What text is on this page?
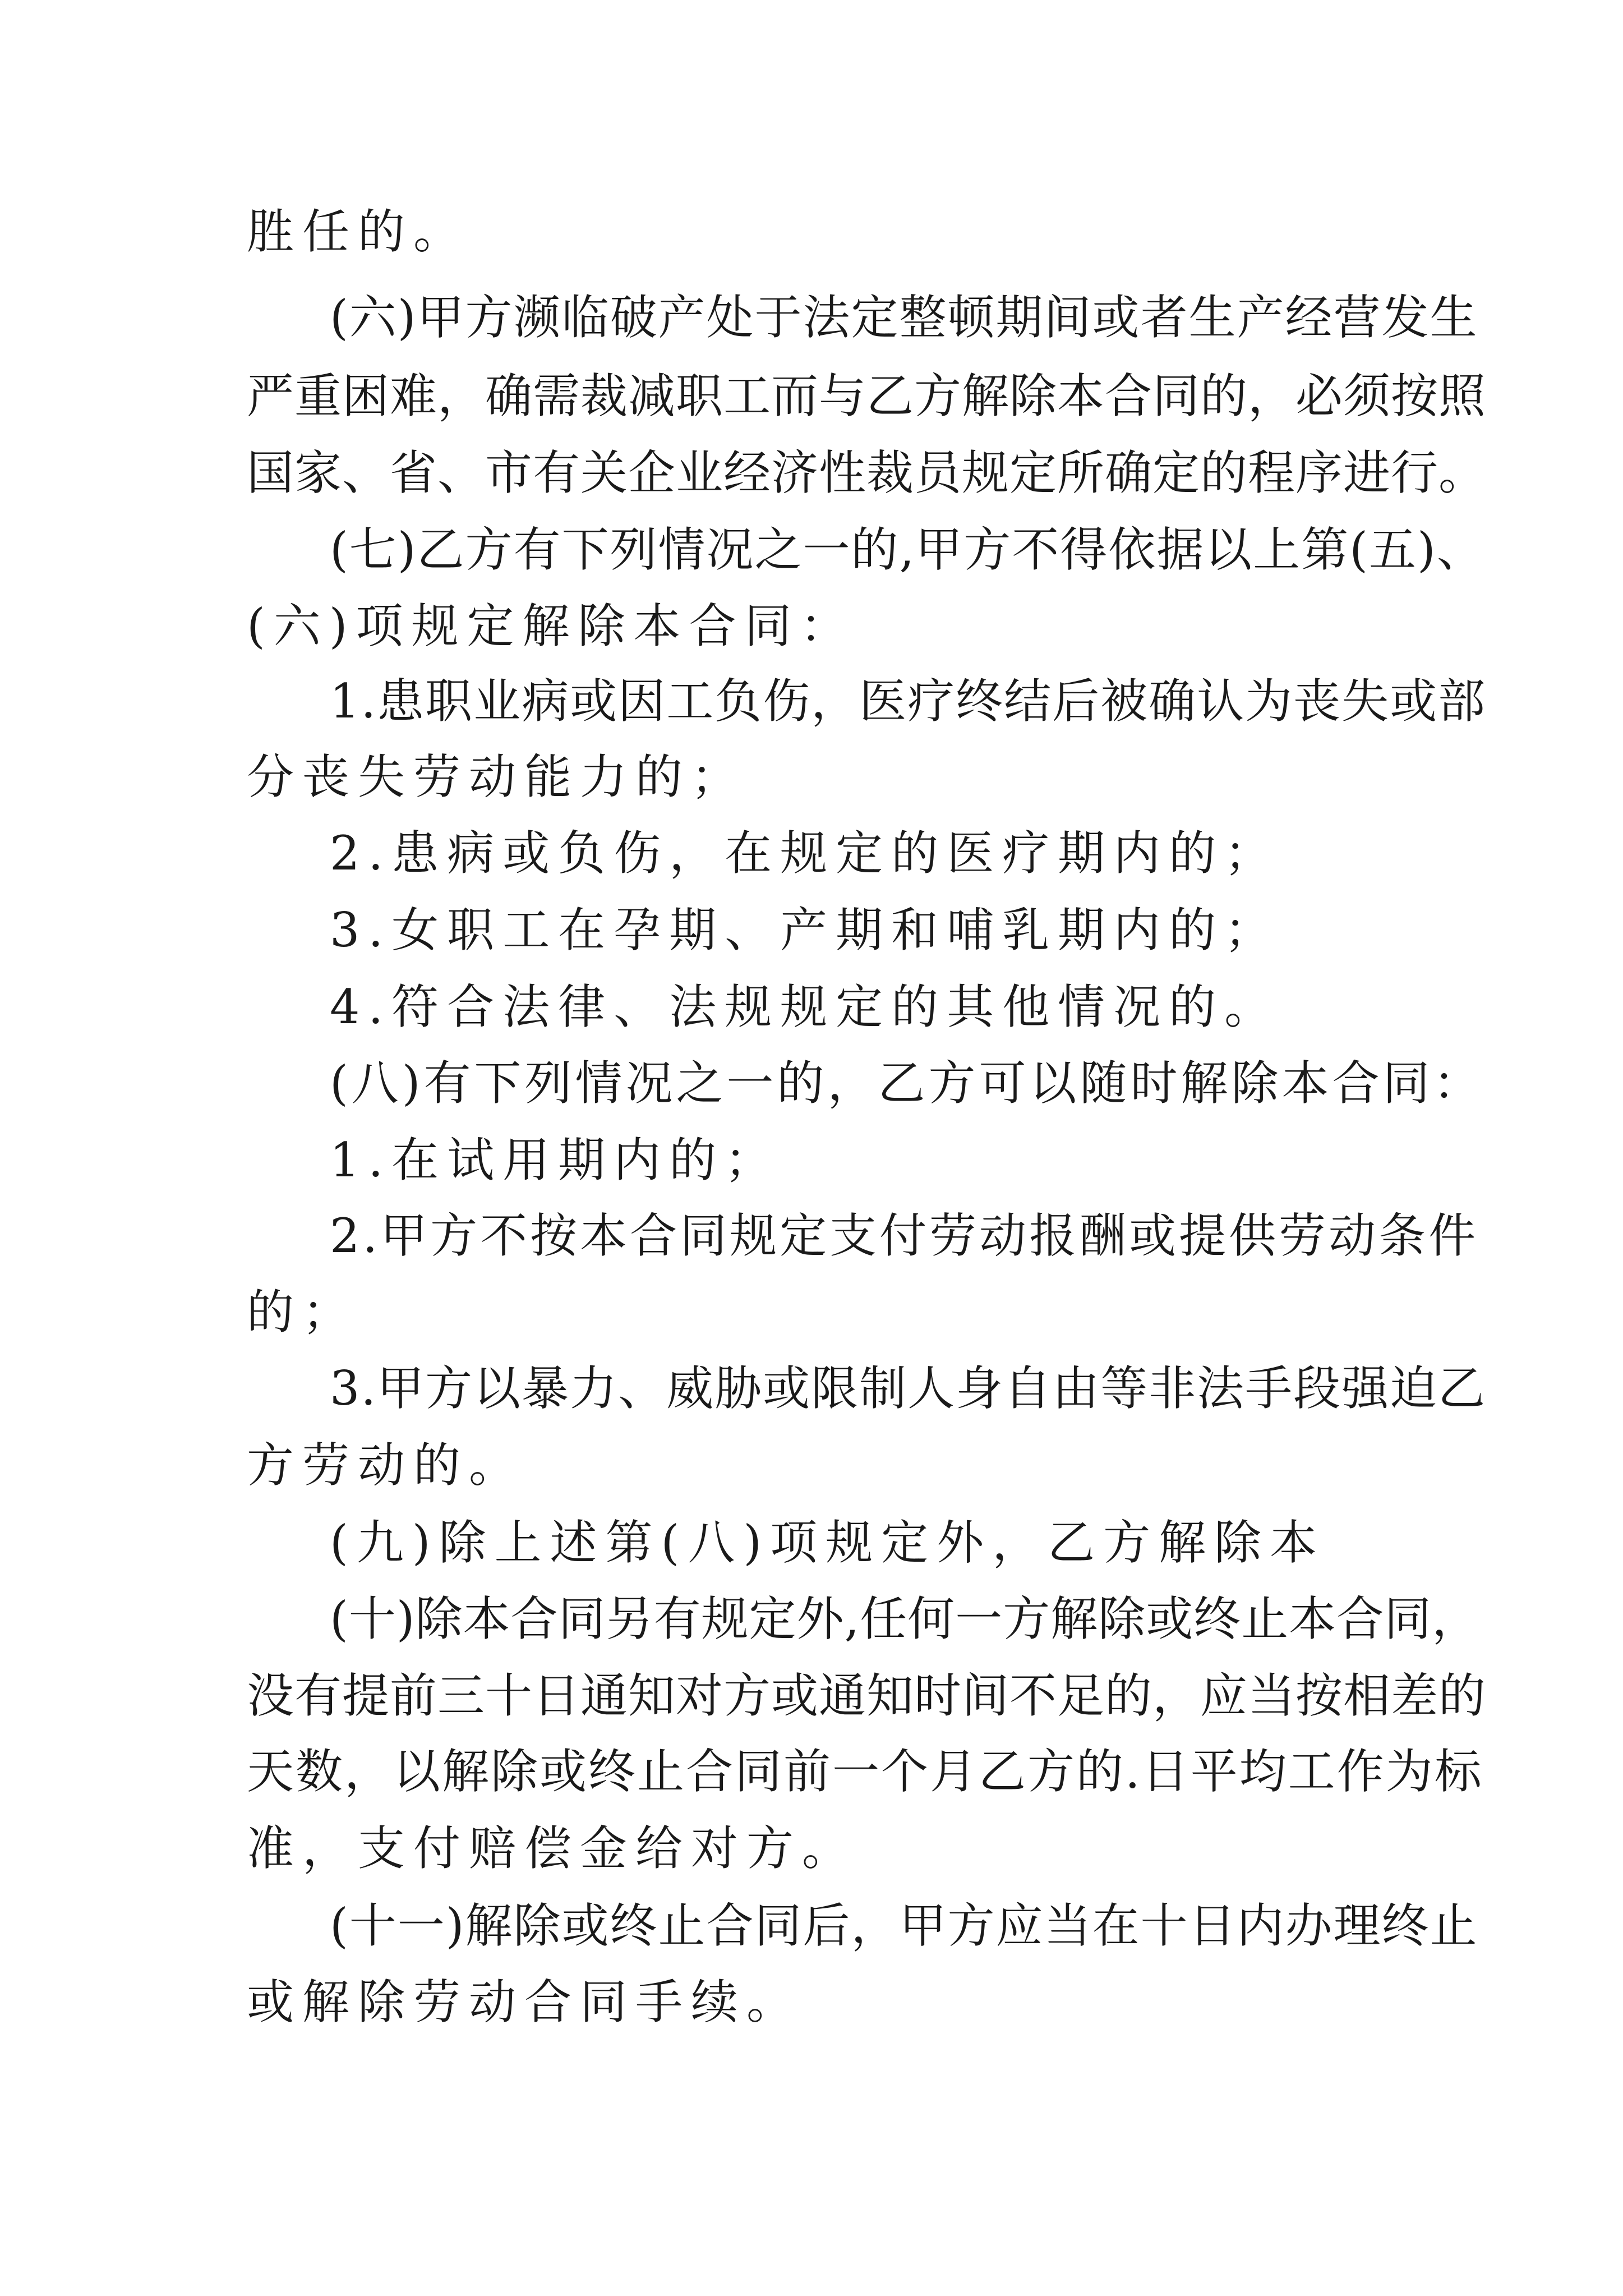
胜任的。

(六)甲方濒临破产处于法定整顿期间或者生产经营发生

严重困难，确需裁减职工而与乙方解除本合同的，必须按照

国家、省、市有关企业经济性裁员规定所确定的程序进行。

(七)乙方有下列情况之一的,甲方不得依据以上第(五)、

(六)项规定解除本合同：

1.患职业病或因工负伤，医疗终结后被确认为丧失或部

分丧失劳动能力的；

2.患病或负伤，在规定的医疗期内的；

3.女职工在孕期、产期和哺乳期内的；

4.符合法律、法规规定的其他情况的。

(八)有下列情况之一的，乙方可以随时解除本合同：

1.在试用期内的；

2.甲方不按本合同规定支付劳动报酬或提供劳动条件

的；

3.甲方以暴力、威胁或限制人身自由等非法手段强迫乙

方劳动的。

(九)除上述第(八)项规定外，乙方解除本

(十)除本合同另有规定外,任何一方解除或终止本合同，

没有提前三十日通知对方或通知时间不足的，应当按相差的

天数，以解除或终止合同前一个月乙方的.日平均工作为标

准，支付赔偿金给对方。

(十一)解除或终止合同后，甲方应当在十日内办理终止

或解除劳动合同手续。
